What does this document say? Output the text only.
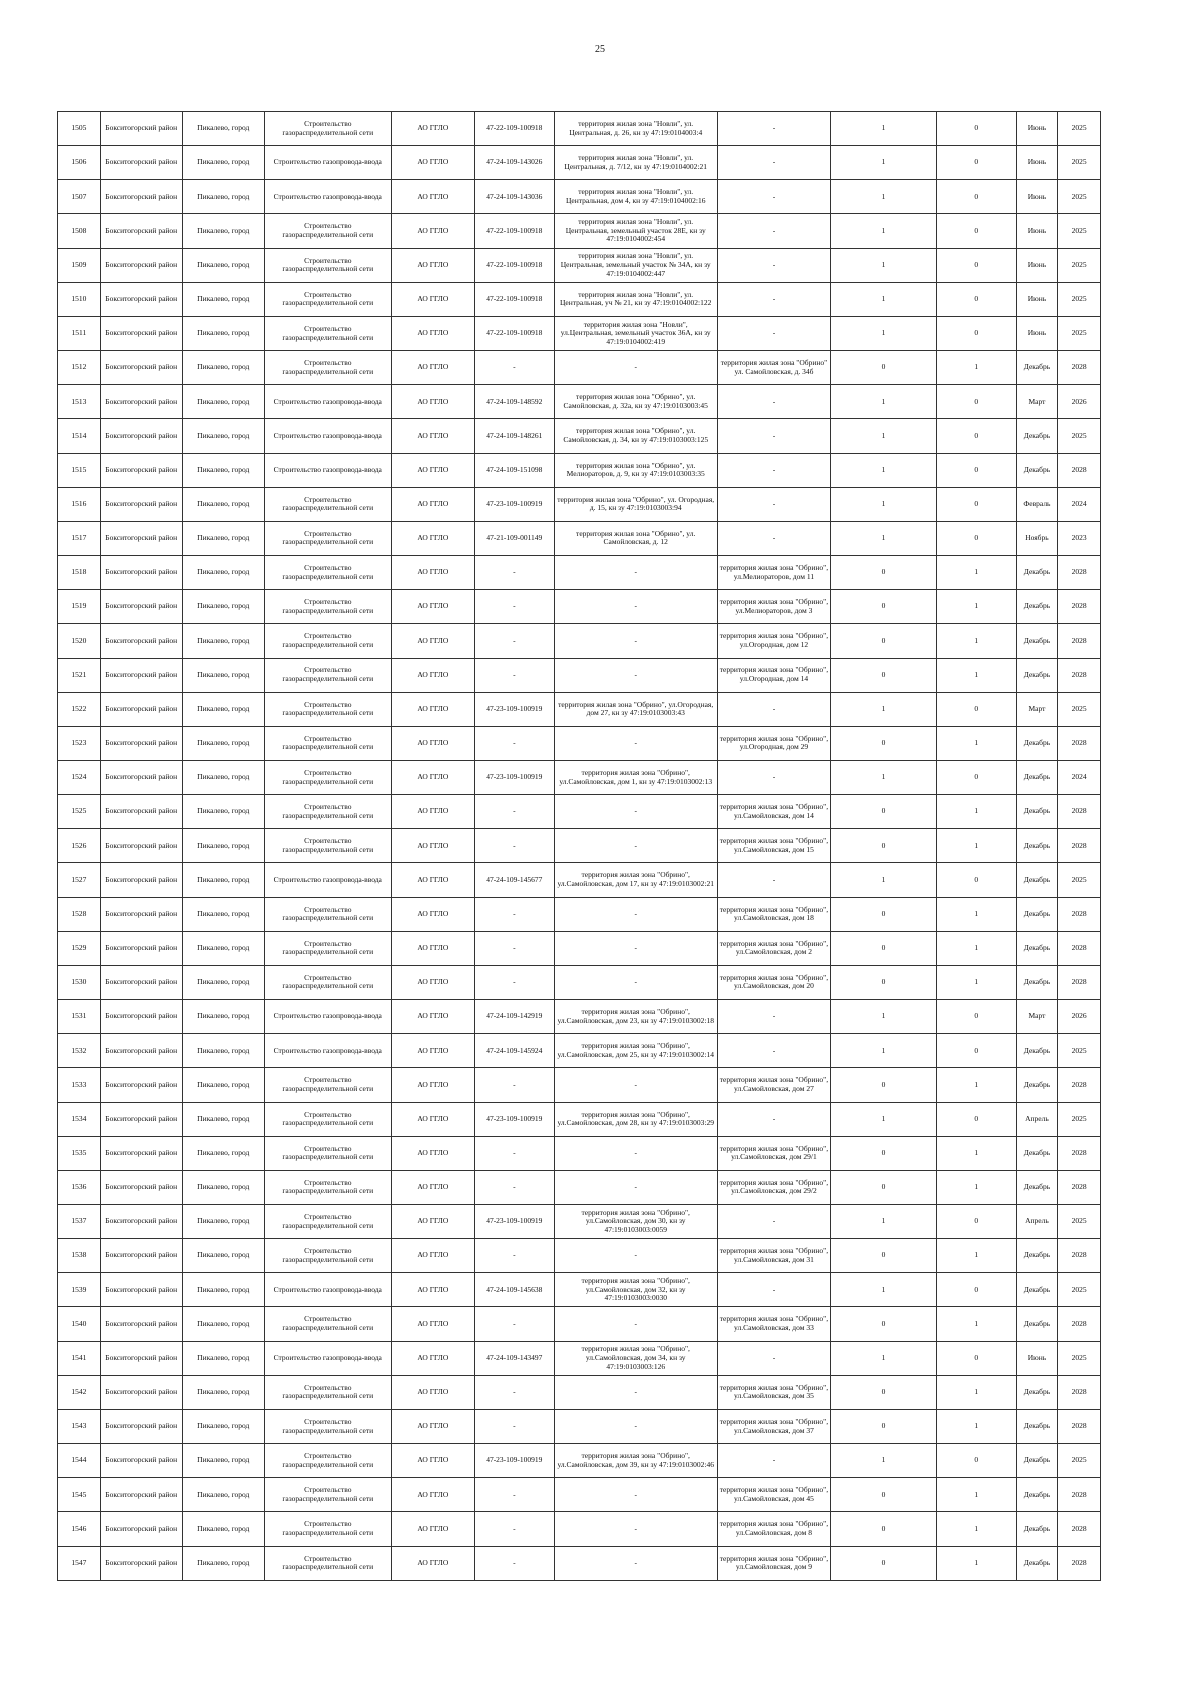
25
1505	Бокситогорский район	Пикалево, город	Строительство газораспределительной сети	АО ГГЛО	47-22-109-100918	территория жилая зона "Новли", ул. Центральная, д. 26, кн зу 47:19:0104003:4	-	1	0	Июнь	2025
1506	Бокситогорский район	Пикалево, город	Строительство газопровода-ввода	АО ГГЛО	47-24-109-143026	территория жилая зона "Новли", ул. Центральная, д. 7/12, кн зу 47:19:0104002:21	-	1	0	Июнь	2025
1507	Бокситогорский район	Пикалево, город	Строительство газопровода-ввода	АО ГГЛО	47-24-109-143036	территория жилая зона "Новли", ул. Центральная, дом 4, кн зу 47:19:0104002:16	-	1	0	Июнь	2025
1508	Бокситогорский район	Пикалево, город	Строительство газораспределительной сети	АО ГГЛО	47-22-109-100918	территория жилая зона "Новли", ул. Центральная, земельный участок 28Е, кн зу 47:19:0104002:454	-	1	0	Июнь	2025
1509	Бокситогорский район	Пикалево, город	Строительство газораспределительной сети	АО ГГЛО	47-22-109-100918	территория жилая зона "Новли", ул. Центральная, земельный участок № 34А, кн зу 47:19:0104002:447	-	1	0	Июнь	2025
1510	Бокситогорский район	Пикалево, город	Строительство газораспределительной сети	АО ГГЛО	47-22-109-100918	территория жилая зона "Новли", ул. Центральная, уч № 21, кн зу 47:19:0104002:122	-	1	0	Июнь	2025
1511	Бокситогорский район	Пикалево, город	Строительство газораспределительной сети	АО ГГЛО	47-22-109-100918	территория жилая зона "Новли", ул.Центральная, земельный участок 36А, кн зу 47:19:0104002:419	-	1	0	Июнь	2025
1512	Бокситогорский район	Пикалево, город	Строительство газораспределительной сети	АО ГГЛО	-	-	территория жилая зона "Обрино" ул. Самойловская, д. 34б	0	1	Декабрь	2028
1513	Бокситогорский район	Пикалево, город	Строительство газопровода-ввода	АО ГГЛО	47-24-109-148592	территория жилая зона "Обрино", ул. Самойловская, д. 32а, кн зу 47:19:0103003:45	-	1	0	Март	2026
1514	Бокситогорский район	Пикалево, город	Строительство газопровода-ввода	АО ГГЛО	47-24-109-148261	территория жилая зона "Обрино", ул. Самойловская, д. 34, кн зу 47:19:0103003:125	-	1	0	Декабрь	2025
1515	Бокситогорский район	Пикалево, город	Строительство газопровода-ввода	АО ГГЛО	47-24-109-151098	территория жилая зона "Обрино", ул. Мелиораторов, д. 9, кн зу 47:19:0103003:35	-	1	0	Декабрь	2028
1516	Бокситогорский район	Пикалево, город	Строительство газораспределительной сети	АО ГГЛО	47-23-109-100919	территория жилая зона "Обрино", ул. Огородная, д. 15, кн зу 47:19:0103003:94	-	1	0	Февраль	2024
1517	Бокситогорский район	Пикалево, город	Строительство газораспределительной сети	АО ГГЛО	47-21-109-001149	территория жилая зона "Обрино", ул. Самойловская, д. 12	-	1	0	Ноябрь	2023
1518	Бокситогорский район	Пикалево, город	Строительство газораспределительной сети	АО ГГЛО	-	-	территория жилая зона "Обрино", ул.Мелиораторов, дом 11	0	1	Декабрь	2028
1519	Бокситогорский район	Пикалево, город	Строительство газораспределительной сети	АО ГГЛО	-	-	территория жилая зона "Обрино", ул.Мелиораторов, дом 3	0	1	Декабрь	2028
1520	Бокситогорский район	Пикалево, город	Строительство газораспределительной сети	АО ГГЛО	-	-	территория жилая зона "Обрино", ул.Огородная, дом 12	0	1	Декабрь	2028
1521	Бокситогорский район	Пикалево, город	Строительство газораспределительной сети	АО ГГЛО	-	-	территория жилая зона "Обрино", ул.Огородная, дом 14	0	1	Декабрь	2028
1522	Бокситогорский район	Пикалево, город	Строительство газораспределительной сети	АО ГГЛО	47-23-109-100919	территория жилая зона "Обрино", ул.Огородная, дом 27, кн зу 47:19:0103003:43	-	1	0	Март	2025
1523	Бокситогорский район	Пикалево, город	Строительство газораспределительной сети	АО ГГЛО	-	-	территория жилая зона "Обрино", ул.Огородная, дом 29	0	1	Декабрь	2028
1524	Бокситогорский район	Пикалево, город	Строительство газораспределительной сети	АО ГГЛО	47-23-109-100919	территория жилая зона "Обрино", ул.Самойловская, дом 1, кн зу 47:19:0103002:13	-	1	0	Декабрь	2024
1525	Бокситогорский район	Пикалево, город	Строительство газораспределительной сети	АО ГГЛО	-	-	территория жилая зона "Обрино", ул.Самойловская, дом 14	0	1	Декабрь	2028
1526	Бокситогорский район	Пикалево, город	Строительство газораспределительной сети	АО ГГЛО	-	-	территория жилая зона "Обрино", ул.Самойловская, дом 15	0	1	Декабрь	2028
1527	Бокситогорский район	Пикалево, город	Строительство газопровода-ввода	АО ГГЛО	47-24-109-145677	территория жилая зона "Обрино", ул.Самойловская, дом 17, кн зу 47:19:0103002:21	-	1	0	Декабрь	2025
1528	Бокситогорский район	Пикалево, город	Строительство газораспределительной сети	АО ГГЛО	-	-	территория жилая зона "Обрино", ул.Самойловская, дом 18	0	1	Декабрь	2028
1529	Бокситогорский район	Пикалево, город	Строительство газораспределительной сети	АО ГГЛО	-	-	территория жилая зона "Обрино", ул.Самойловская, дом 2	0	1	Декабрь	2028
1530	Бокситогорский район	Пикалево, город	Строительство газораспределительной сети	АО ГГЛО	-	-	территория жилая зона "Обрино", ул.Самойловская, дом 20	0	1	Декабрь	2028
1531	Бокситогорский район	Пикалево, город	Строительство газопровода-ввода	АО ГГЛО	47-24-109-142919	территория жилая зона "Обрино", ул.Самойловская, дом 23, кн зу 47:19:0103002:18	-	1	0	Март	2026
1532	Бокситогорский район	Пикалево, город	Строительство газопровода-ввода	АО ГГЛО	47-24-109-145924	территория жилая зона "Обрино", ул.Самойловская, дом 25, кн зу 47:19:0103002:14	-	1	0	Декабрь	2025
1533	Бокситогорский район	Пикалево, город	Строительство газораспределительной сети	АО ГГЛО	-	-	территория жилая зона "Обрино", ул.Самойловская, дом 27	0	1	Декабрь	2028
1534	Бокситогорский район	Пикалево, город	Строительство газораспределительной сети	АО ГГЛО	47-23-109-100919	территория жилая зона "Обрино", ул.Самойловская, дом 28, кн зу 47:19:0103003:29	-	1	0	Апрель	2025
1535	Бокситогорский район	Пикалево, город	Строительство газораспределительной сети	АО ГГЛО	-	-	территория жилая зона "Обрино", ул.Самойловская, дом 29/1	0	1	Декабрь	2028
1536	Бокситогорский район	Пикалево, город	Строительство газораспределительной сети	АО ГГЛО	-	-	территория жилая зона "Обрино", ул.Самойловская, дом 29/2	0	1	Декабрь	2028
1537	Бокситогорский район	Пикалево, город	Строительство газораспределительной сети	АО ГГЛО	47-23-109-100919	территория жилая зона "Обрино", ул.Самойловская, дом 30, кн зу 47:19:0103003:0059	-	1	0	Апрель	2025
1538	Бокситогорский район	Пикалево, город	Строительство газораспределительной сети	АО ГГЛО	-	-	территория жилая зона "Обрино", ул.Самойловская, дом 31	0	1	Декабрь	2028
1539	Бокситогорский район	Пикалево, город	Строительство газопровода-ввода	АО ГГЛО	47-24-109-145638	территория жилая зона "Обрино", ул.Самойловская, дом 32, кн зу 47:19:0103003:0030	-	1	0	Декабрь	2025
1540	Бокситогорский район	Пикалево, город	Строительство газораспределительной сети	АО ГГЛО	-	-	территория жилая зона "Обрино", ул.Самойловская, дом 33	0	1	Декабрь	2028
1541	Бокситогорский район	Пикалево, город	Строительство газопровода-ввода	АО ГГЛО	47-24-109-143497	территория жилая зона "Обрино", ул.Самойловская, дом 34, кн зу 47:19:0103003:126	-	1	0	Июнь	2025
1542	Бокситогорский район	Пикалево, город	Строительство газораспределительной сети	АО ГГЛО	-	-	территория жилая зона "Обрино", ул.Самойловская, дом 35	0	1	Декабрь	2028
1543	Бокситогорский район	Пикалево, город	Строительство газораспределительной сети	АО ГГЛО	-	-	территория жилая зона "Обрино", ул.Самойловская, дом 37	0	1	Декабрь	2028
1544	Бокситогорский район	Пикалево, город	Строительство газораспределительной сети	АО ГГЛО	47-23-109-100919	территория жилая зона "Обрино", ул.Самойловская, дом 39, кн зу 47:19:0103002:46	-	1	0	Декабрь	2025
1545	Бокситогорский район	Пикалево, город	Строительство газораспределительной сети	АО ГГЛО	-	-	территория жилая зона "Обрино", ул.Самойловская, дом 45	0	1	Декабрь	2028
1546	Бокситогорский район	Пикалево, город	Строительство газораспределительной сети	АО ГГЛО	-	-	территория жилая зона "Обрино", ул.Самойловская, дом 8	0	1	Декабрь	2028
1547	Бокситогорский район	Пикалево, город	Строительство газораспределительной сети	АО ГГЛО	-	-	территория жилая зона "Обрино", ул.Самойловская, дом 9	0	1	Декабрь	2028
